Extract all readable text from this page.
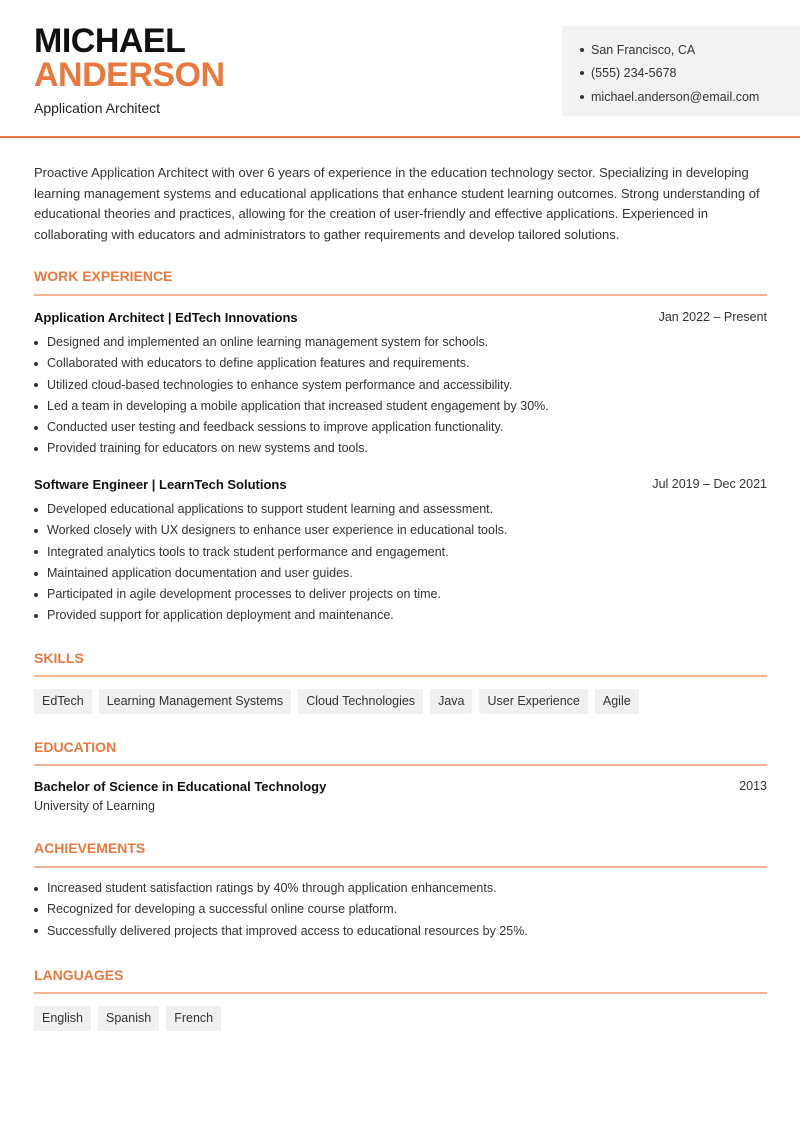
MICHAEL
ANDERSON
Application Architect
San Francisco, CA
(555) 234-5678
michael.anderson@email.com

Proactive Application Architect with over 6 years of experience in the education technology sector. Specializing in developing learning management systems and educational applications that enhance student learning outcomes. Strong understanding of educational theories and practices, allowing for the creation of user-friendly and effective applications. Experienced in collaborating with educators and administrators to gather requirements and develop tailored solutions.

WORK EXPERIENCE
Application Architect | EdTech Innovations	Jan 2022 – Present
Designed and implemented an online learning management system for schools.
Collaborated with educators to define application features and requirements.
Utilized cloud-based technologies to enhance system performance and accessibility.
Led a team in developing a mobile application that increased student engagement by 30%.
Conducted user testing and feedback sessions to improve application functionality.
Provided training for educators on new systems and tools.
Software Engineer | LearnTech Solutions	Jul 2019 – Dec 2021
Developed educational applications to support student learning and assessment.
Worked closely with UX designers to enhance user experience in educational tools.
Integrated analytics tools to track student performance and engagement.
Maintained application documentation and user guides.
Participated in agile development processes to deliver projects on time.
Provided support for application deployment and maintenance.
SKILLS
EdTech	Learning Management Systems	Cloud Technologies	Java	User Experience	Agile
EDUCATION
Bachelor of Science in Educational Technology	2013
University of Learning
ACHIEVEMENTS
Increased student satisfaction ratings by 40% through application enhancements.
Recognized for developing a successful online course platform.
Successfully delivered projects that improved access to educational resources by 25%.
LANGUAGES
English	Spanish	French
